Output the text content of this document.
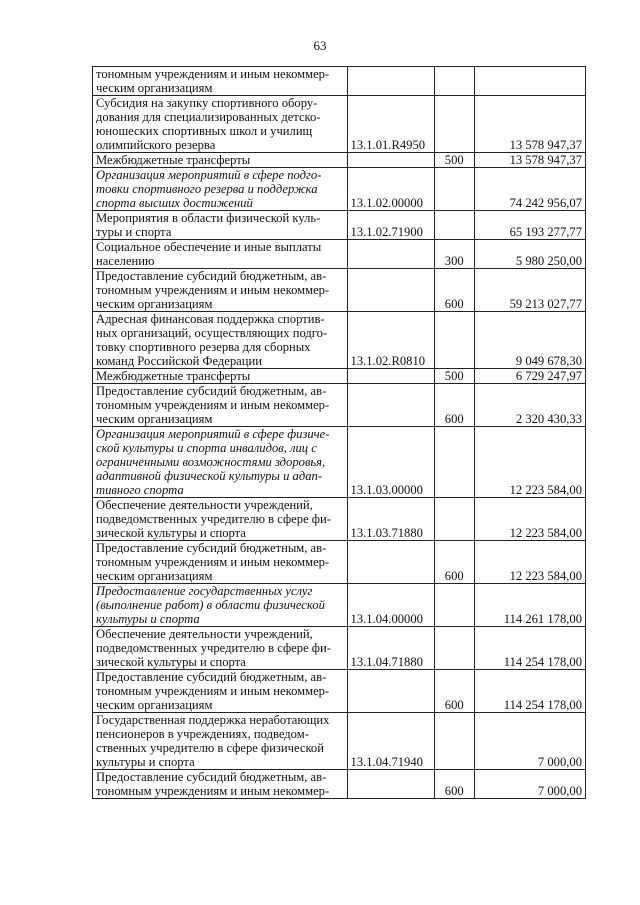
63
тономным учреждениям и иным некоммер-
ческим организациям			

Субсидия на закупку спортивного обору-
дования для специализированных детско-
юношеских спортивных школ и училищ
олимпийского резерва	13.1.01.R4950		13 578 947,37

Межбюджетные трансферты		500	13 578 947,37

Организация мероприятий в сфере подго-
товки спортивного резерва и поддержка
спорта высших достижений	13.1.02.00000		74 242 956,07

Мероприятия в области физической куль-
туры и спорта	13.1.02.71900		65 193 277,77

Социальное обеспечение и иные выплаты
населению		300	5 980 250,00

Предоставление субсидий бюджетным, ав-
тономным учреждениям и иным некоммер-
ческим организациям		600	59 213 027,77

Адресная финансовая поддержка спортив-
ных организаций, осуществляющих подго-
товку спортивного резерва для сборных
команд Российской Федерации	13.1.02.R0810		9 049 678,30

Межбюджетные трансферты		500	6 729 247,97

Предоставление субсидий бюджетным, ав-
тономным учреждениям и иным некоммер-
ческим организациям		600	2 320 430,33

Организация мероприятий в сфере физиче-
ской культуры и спорта инвалидов, лиц с
ограниченными возможностями здоровья,
адаптивной физической культуры и адап-
тивного спорта	13.1.03.00000		12 223 584,00

Обеспечение деятельности учреждений,
подведомственных учредителю в сфере фи-
зической культуры и спорта	13.1.03.71880		12 223 584,00

Предоставление субсидий бюджетным, ав-
тономным учреждениям и иным некоммер-
ческим организациям		600	12 223 584,00

Предоставление государственных услуг
(выполнение работ) в области физической
культуры и спорта	13.1.04.00000		114 261 178,00

Обеспечение деятельности учреждений,
подведомственных учредителю в сфере фи-
зической культуры и спорта	13.1.04.71880		114 254 178,00

Предоставление субсидий бюджетным, ав-
тономным учреждениям и иным некоммер-
ческим организациям		600	114 254 178,00

Государственная поддержка неработающих
пенсионеров в учреждениях, подведом-
ственных учредителю в сфере физической
культуры и спорта	13.1.04.71940		7 000,00

Предоставление субсидий бюджетным, ав-
тономным учреждениям и иным некоммер-		600	7 000,00
